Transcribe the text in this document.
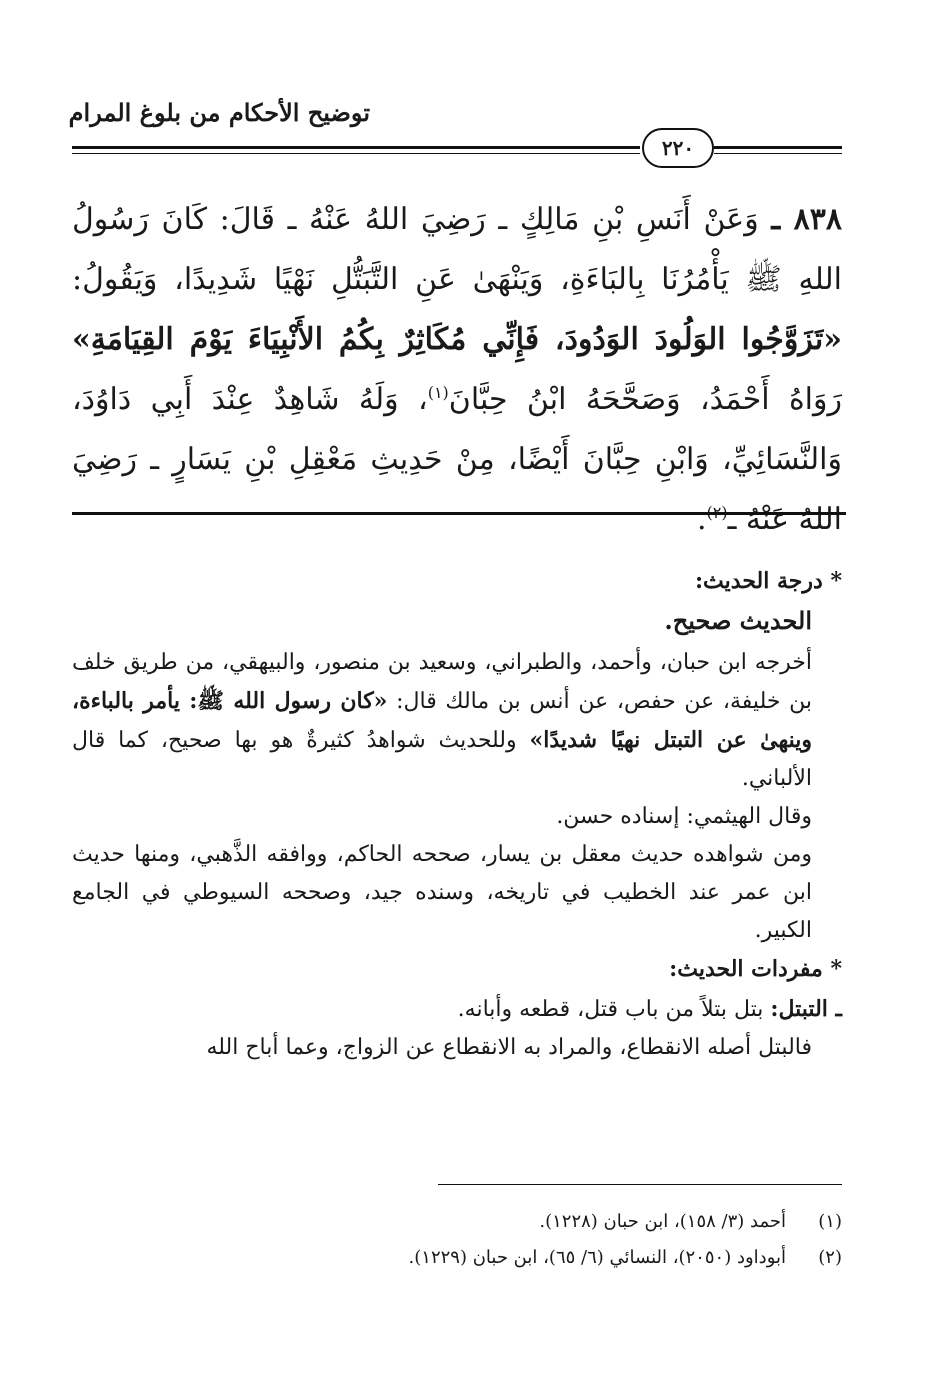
توضيح الأحكام من بلوغ المرام
٢٢٠
٨٣٨ ـ وَعَنْ أَنَسِ بْنِ مَالِكٍ ـ رَضِيَ اللهُ عَنْهُ ـ قَالَ: كَانَ رَسُولُ اللهِ ﷺ يَأْمُرُنَا بِالبَاءَةِ، وَيَنْهَىٰ عَنِ التَّبَتُّلِ نَهْيًا شَدِيدًا، وَيَقُولُ: «تَزَوَّجُوا الوَلُودَ الوَدُودَ، فَإِنِّي مُكَاثِرٌ بِكُمُ الأَنْبِيَاءَ يَوْمَ القِيَامَةِ» رَوَاهُ أَحْمَدُ، وَصَحَّحَهُ ابْنُ حِبَّانَ$^{(١)}$، وَلَهُ شَاهِدٌ عِنْدَ أَبِي دَاوُدَ، وَالنَّسَائِيِّ، وَابْنِ حِبَّانَ أَيْضًا، مِنْ حَدِيثِ مَعْقِلِ بْنِ يَسَارٍ ـ رَضِيَ اللهُ عَنْهُ ـ$^{(٢)}$.

* درجة الحديث:

الحديث صحيح.

أخرجه ابن حبان، وأحمد، والطبراني، وسعيد بن منصور، والبيهقي، من طريق خلف بن خليفة، عن حفص، عن أنس بن مالك قال: «كان رسول الله ﷺ: يأمر بالباءة، وينهىٰ عن التبتل نهيًا شديدًا» وللحديث شواهدُ كثيرةٌ هو بها صحيح، كما قال الألباني.

وقال الهيثمي: إسناده حسن.

ومن شواهده حديث معقل بن يسار، صححه الحاكم، ووافقه الذَّهبي، ومنها حديث ابن عمر عند الخطيب في تاريخه، وسنده جيد، وصححه السيوطي في الجامع الكبير.

* مفردات الحديث:

ـ التبتل: بتل بتلاً من باب قتل، قطعه وأبانه.

فالبتل أصله الانقطاع، والمراد به الانقطاع عن الزواج، وعما أباح الله

(١)
أحمد (٣/ ١٥٨)، ابن حبان (١٢٢٨).
(٢)
أبوداود (٢٠٥٠)، النسائي (٦/ ٦٥)، ابن حبان (١٢٢٩).
